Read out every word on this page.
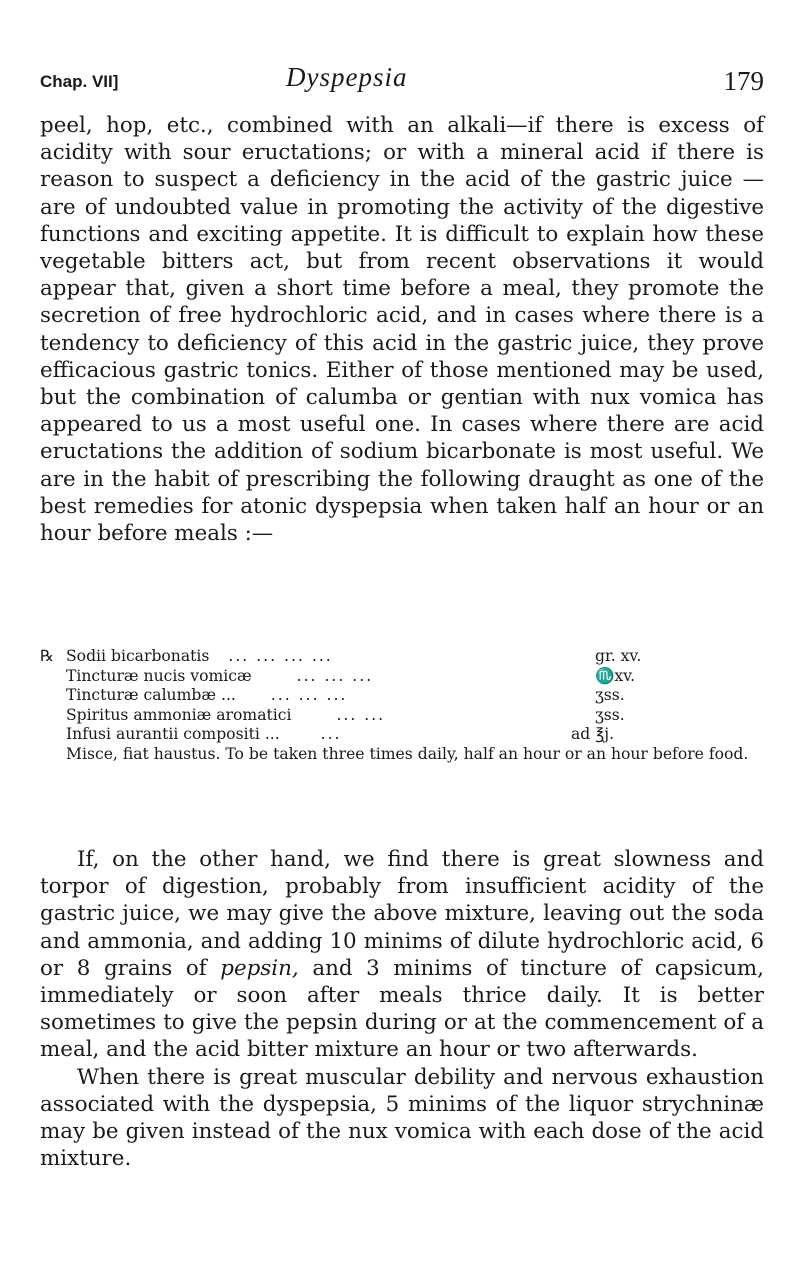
Chap. VII]	Dyspepsia	179

peel, hop, etc., combined with an alkali—if there is excess of acidity with sour eructations; or with a mineral acid if there is reason to suspect a deficiency in the acid of the gastric juice — are of undoubted value in promoting the activity of the digestive functions and exciting appetite. It is difficult to explain how these vegetable bitters act, but from recent observations it would appear that, given a short time before a meal, they promote the secretion of free hydrochloric acid, and in cases where there is a tendency to deficiency of this acid in the gastric juice, they prove efficacious gastric tonics. Either of those mentioned may be used, but the combination of calumba or gentian with nux vomica has appeared to us a most useful one. In cases where there are acid eructations the addition of sodium bicarbonate is most useful. We are in the habit of prescribing the following draught as one of the best remedies for atonic dyspepsia when taken half an hour or an hour before meals :—

℞ Sodii bicarbonatis ... ... ... ...	gr. xv.
Tincturæ nucis vomicæ	... ... ...	♏xv.
Tincturæ calumbæ ... ... ... ...	ʒss.
Spiritus ammoniæ aromatici	... ...	ʒss.
Infusi aurantii compositi ...	...	ad ℥j.
Misce, fiat haustus. To be taken three times daily, half an hour or an hour before food.

If, on the other hand, we find there is great slowness and torpor of digestion, probably from insufficient acidity of the gastric juice, we may give the above mixture, leaving out the soda and ammonia, and adding 10 minims of dilute hydrochloric acid, 6 or 8 grains of pepsin, and 3 minims of tincture of capsicum, immediately or soon after meals thrice daily. It is better sometimes to give the pepsin during or at the commencement of a meal, and the acid bitter mixture an hour or two afterwards.

When there is great muscular debility and nervous exhaustion associated with the dyspepsia, 5 minims of the liquor strychninæ may be given instead of the nux vomica with each dose of the acid mixture.
